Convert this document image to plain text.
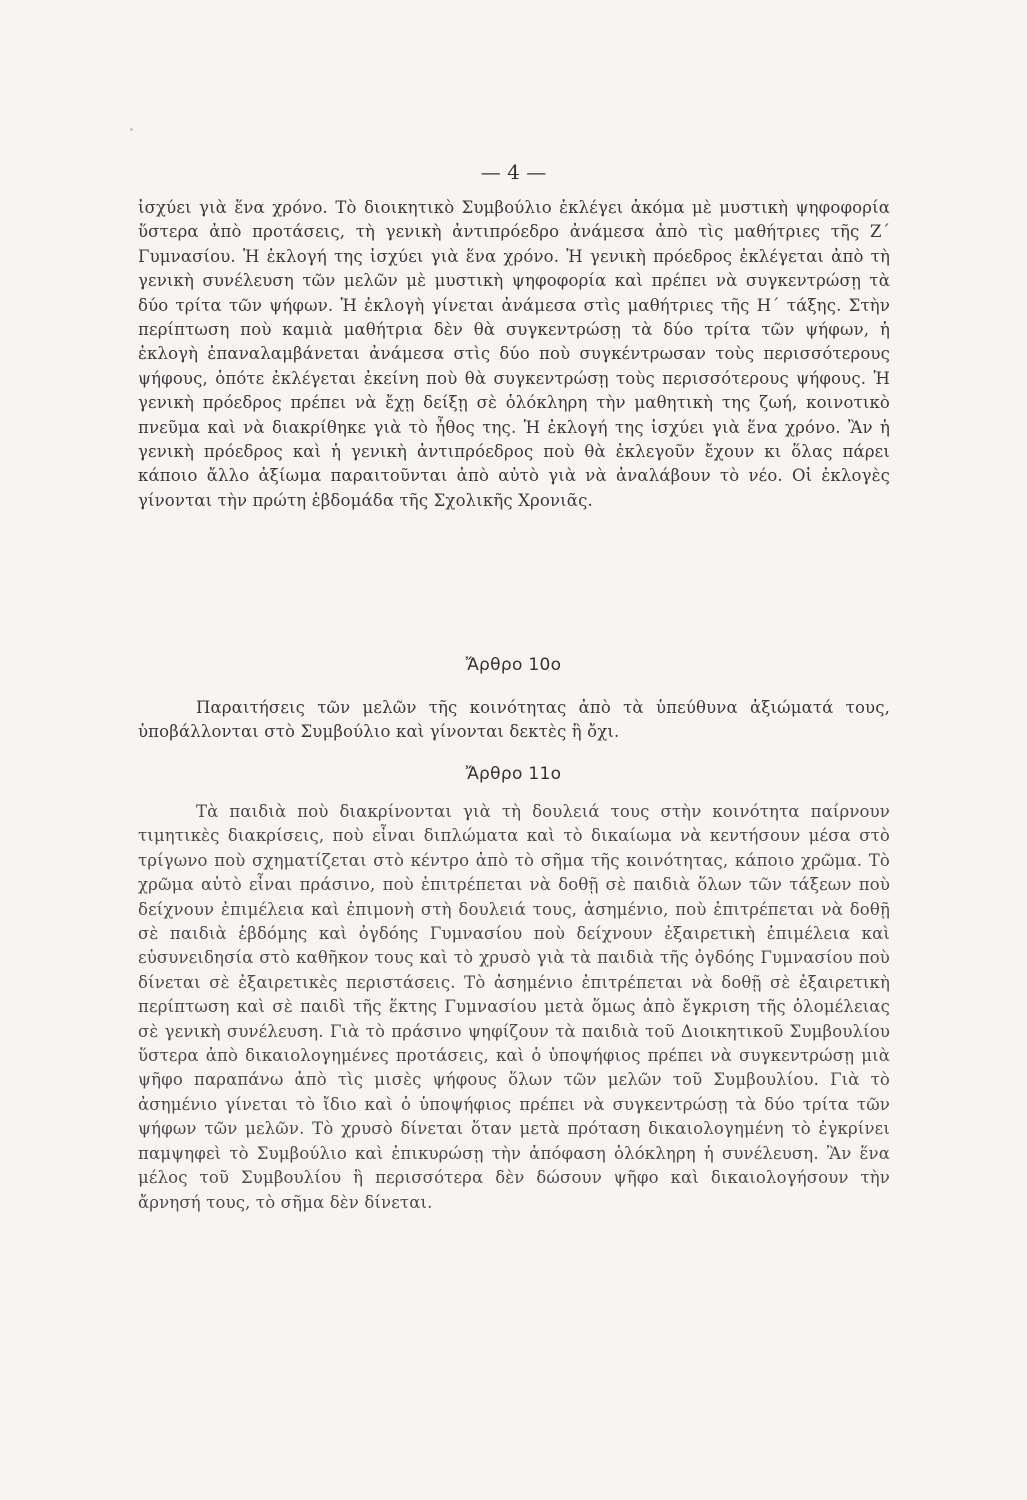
— 4 —

ἰσχύει γιὰ ἕνα χρόνο. Τὸ διοικητικὸ Συμβούλιο ἐκλέγει ἀκόμα μὲ μυστικὴ ψηφοφορία ὕστερα ἀπὸ προτάσεις, τὴ γενικὴ ἀντιπρόεδρο ἀνάμεσα ἀπὸ τὶς μαθήτριες τῆς Ζ΄ Γυμνασίου. Ἡ ἐκλογή της ἰσχύει γιὰ ἕνα χρόνο. Ἡ γενικὴ πρόεδρος ἐκλέγεται ἀπὸ τὴ γενικὴ συνέλευση τῶν μελῶν μὲ μυστικὴ ψηφοφορία καὶ πρέπει νὰ συγκεντρώσῃ τὰ δύο τρίτα τῶν ψήφων. Ἡ ἐκλογὴ γίνεται ἀνάμεσα στὶς μαθήτριες τῆς Η΄ τάξης. Στὴν περίπτωση ποὺ καμιὰ μαθήτρια δὲν θὰ συγκεντρώσῃ τὰ δύο τρίτα τῶν ψήφων, ἡ ἐκλογὴ ἐπαναλαμβάνεται ἀνάμεσα στὶς δύο ποὺ συγκέντρωσαν τοὺς περισσότερους ψήφους, ὁπότε ἐκλέγεται ἐκείνη ποὺ θὰ συγκεντρώσῃ τοὺς περισσότερους ψήφους. Ἡ γενικὴ πρόεδρος πρέπει νὰ ἔχῃ δείξῃ σὲ ὁλόκληρη τὴν μαθητικὴ της ζωή, κοινοτικὸ πνεῦμα καὶ νὰ διακρίθηκε γιὰ τὸ ἦθος της. Ἡ ἐκλογή της ἰσχύει γιὰ ἕνα χρόνο. Ἂν ἡ γενικὴ πρόεδρος καὶ ἡ γενικὴ ἀντιπρόεδρος ποὺ θὰ ἐκλεγοῦν ἔχουν κι ὅλας πάρει κάποιο ἄλλο ἀξίωμα παραιτοῦνται ἀπὸ αὐτὸ γιὰ νὰ ἀναλάβουν τὸ νέο. Οἱ ἐκλογὲς γίνονται τὴν πρώτη ἑβδομάδα τῆς Σχολικῆς Χρονιᾶς.

Ἄρθρο 10ο

Παραιτήσεις τῶν μελῶν τῆς κοινότητας ἀπὸ τὰ ὑπεύθυνα ἀξιώματά τους, ὑποβάλλονται στὸ Συμβούλιο καὶ γίνονται δεκτὲς ἢ ὄχι.

Ἄρθρο 11ο

Τὰ παιδιὰ ποὺ διακρίνονται γιὰ τὴ δουλειά τους στὴν κοινότητα παίρνουν τιμητικὲς διακρίσεις, ποὺ εἶναι διπλώματα καὶ τὸ δικαίωμα νὰ κεντήσουν μέσα στὸ τρίγωνο ποὺ σχηματίζεται στὸ κέντρο ἀπὸ τὸ σῆμα τῆς κοινότητας, κάποιο χρῶμα. Τὸ χρῶμα αὐτὸ εἶναι πράσινο, ποὺ ἐπιτρέπεται νὰ δοθῇ σὲ παιδιὰ ὅλων τῶν τάξεων ποὺ δείχνουν ἐπιμέλεια καὶ ἐπιμονὴ στὴ δουλειά τους, ἀσημένιο, ποὺ ἐπιτρέπεται νὰ δοθῇ σὲ παιδιὰ ἑβδόμης καὶ ὀγδόης Γυμνασίου ποὺ δείχνουν ἐξαιρετικὴ ἐπιμέλεια καὶ εὐσυνειδησία στὸ καθῆκον τους καὶ τὸ χρυσὸ γιὰ τὰ παιδιὰ τῆς ὀγδόης Γυμνασίου ποὺ δίνεται σὲ ἐξαιρετικὲς περιστάσεις. Τὸ ἀσημένιο ἐπιτρέπεται νὰ δοθῇ σὲ ἐξαιρετικὴ περίπτωση καὶ σὲ παιδὶ τῆς ἕκτης Γυμνασίου μετὰ ὅμως ἀπὸ ἔγκριση τῆς ὁλομέλειας σὲ γενικὴ συνέλευση. Γιὰ τὸ πράσινο ψηφίζουν τὰ παιδιὰ τοῦ Διοικητικοῦ Συμβουλίου ὕστερα ἀπὸ δικαιολογημένες προτάσεις, καὶ ὁ ὑποψήφιος πρέπει νὰ συγκεντρώσῃ μιὰ ψῆφο παραπάνω ἀπὸ τὶς μισὲς ψήφους ὅλων τῶν μελῶν τοῦ Συμβουλίου. Γιὰ τὸ ἀσημένιο γίνεται τὸ ἴδιο καὶ ὁ ὑποψήφιος πρέπει νὰ συγκεντρώσῃ τὰ δύο τρίτα τῶν ψήφων τῶν μελῶν. Τὸ χρυσὸ δίνεται ὅταν μετὰ πρόταση δικαιολογημένη τὸ ἐγκρίνει παμψηφεὶ τὸ Συμβούλιο καὶ ἐπικυρώσῃ τὴν ἀπόφαση ὁλόκληρη ἡ συνέλευση. Ἂν ἕνα μέλος τοῦ Συμβουλίου ἢ περισσότερα δὲν δώσουν ψῆφο καὶ δικαιολογήσουν τὴν ἄρνησή τους, τὸ σῆμα δὲν δίνεται.
